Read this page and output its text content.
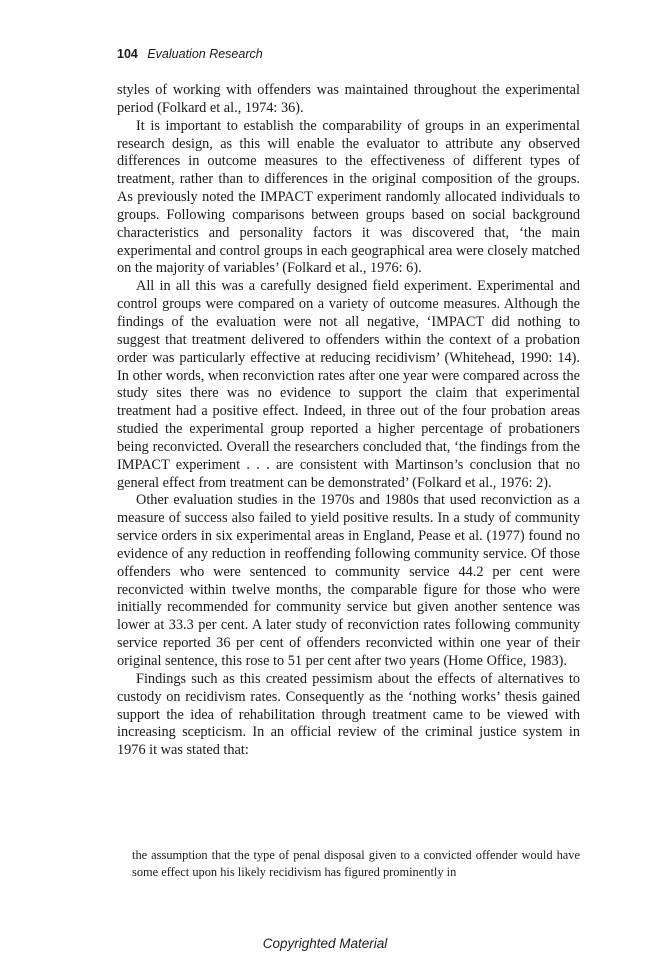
104 Evaluation Research

styles of working with offenders was maintained throughout the experimental period (Folkard et al., 1974: 36).

It is important to establish the comparability of groups in an experimental research design, as this will enable the evaluator to attribute any observed differences in outcome measures to the effectiveness of different types of treatment, rather than to differences in the original composition of the groups. As previously noted the IMPACT experiment randomly allocated individuals to groups. Following comparisons between groups based on social background characteristics and personality factors it was discovered that, ‘the main experimental and control groups in each geographical area were closely matched on the majority of variables’ (Folkard et al., 1976: 6).

All in all this was a carefully designed field experiment. Experimental and control groups were compared on a variety of outcome measures. Although the findings of the evaluation were not all negative, ‘IMPACT did nothing to suggest that treatment delivered to offenders within the context of a probation order was particularly effective at reducing recidivism’ (Whitehead, 1990: 14). In other words, when reconviction rates after one year were compared across the study sites there was no evidence to support the claim that experimental treatment had a positive effect. Indeed, in three out of the four probation areas studied the experimental group reported a higher percentage of probationers being reconvicted. Overall the researchers concluded that, ‘the findings from the IMPACT experiment . . . are consistent with Martinson’s conclusion that no general effect from treatment can be demonstrated’ (Folkard et al., 1976: 2).

Other evaluation studies in the 1970s and 1980s that used reconviction as a measure of success also failed to yield positive results. In a study of community service orders in six experimental areas in England, Pease et al. (1977) found no evidence of any reduction in reoffending following community service. Of those offenders who were sentenced to community service 44.2 per cent were reconvicted within twelve months, the comparable figure for those who were initially recommended for community service but given another sentence was lower at 33.3 per cent. A later study of reconviction rates following community service reported 36 per cent of offenders reconvicted within one year of their original sentence, this rose to 51 per cent after two years (Home Office, 1983).

Findings such as this created pessimism about the effects of alternatives to custody on recidivism rates. Consequently as the ‘nothing works’ thesis gained support the idea of rehabilitation through treatment came to be viewed with increasing scepticism. In an official review of the criminal justice system in 1976 it was stated that:

the assumption that the type of penal disposal given to a convicted offender would have some effect upon his likely recidivism has figured prominently in

Copyrighted Material
